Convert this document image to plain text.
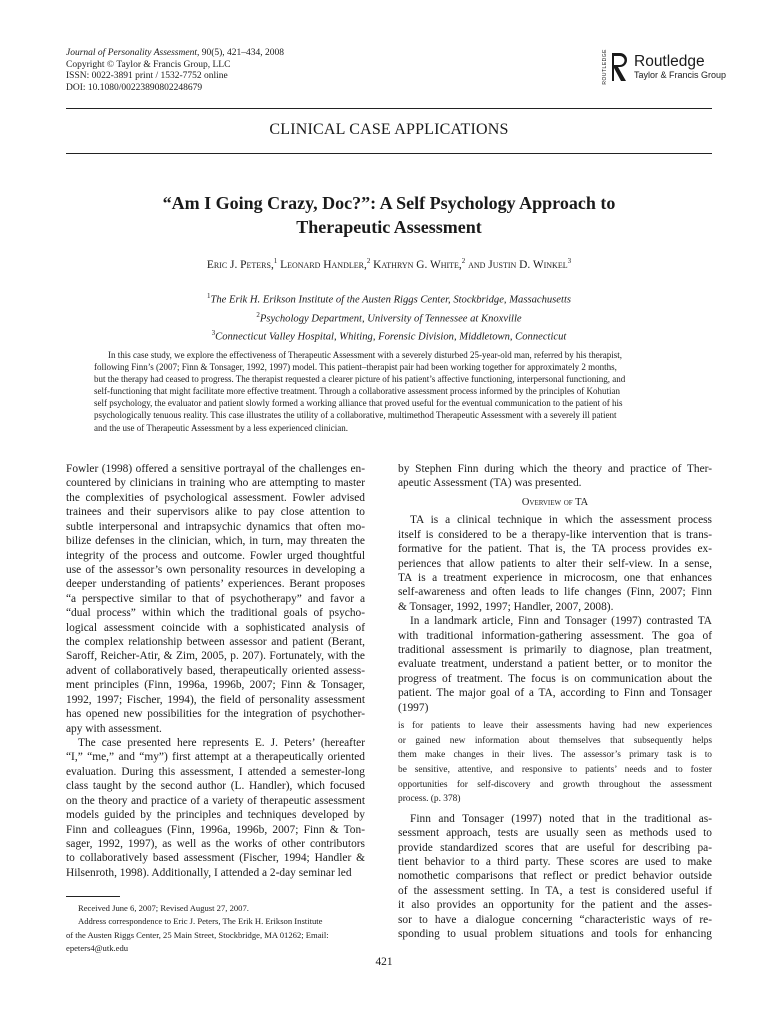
Journal of Personality Assessment, 90(5), 421–434, 2008
Copyright © Taylor & Francis Group, LLC
ISSN: 0022-3891 print / 1532-7752 online
DOI: 10.1080/00223890802248679
ROUTLEDGE Routledge
Taylor & Francis Group
CLINICAL CASE APPLICATIONS
“Am I Going Crazy, Doc?”: A Self Psychology Approach to
Therapeutic Assessment
Eric J. Peters,$^1$ Leonard Handler,$^2$ Kathryn G. White,$^2$ and Justin D. Winkel$^3$
$^1$The Erik H. Erikson Institute of the Austen Riggs Center, Stockbridge, Massachusetts
$^2$Psychology Department, University of Tennessee at Knoxville
$^3$Connecticut Valley Hospital, Whiting, Forensic Division, Middletown, Connecticut
In this case study, we explore the effectiveness of Therapeutic Assessment with a severely disturbed 25-year-old man, referred by his therapist,
following Finn’s (2007; Finn & Tonsager, 1992, 1997) model. This patient–therapist pair had been working together for approximately 2 months,
but the therapy had ceased to progress. The therapist requested a clearer picture of his patient’s affective functioning, interpersonal functioning, and
self-functioning that might facilitate more effective treatment. Through a collaborative assessment process informed by the principles of Kohutian
self psychology, the evaluator and patient slowly formed a working alliance that proved useful for the eventual communication to the patient of his
psychologically tenuous reality. This case illustrates the utility of a collaborative, multimethod Therapeutic Assessment with a severely ill patient
and the use of Therapeutic Assessment by a less experienced clinician.
Fowler (1998) offered a sensitive portrayal of the challenges en-
countered by clinicians in training who are attempting to master
the complexities of psychological assessment. Fowler advised
trainees and their supervisors alike to pay close attention to
subtle interpersonal and intrapsychic dynamics that often mo-
bilize defenses in the clinician, which, in turn, may threaten the
integrity of the process and outcome. Fowler urged thoughtful
use of the assessor’s own personality resources in developing a
deeper understanding of patients’ experiences. Berant proposes
“a perspective similar to that of psychotherapy” and favor a
“dual process” within which the traditional goals of psycho-
logical assessment coincide with a sophisticated analysis of
the complex relationship between assessor and patient (Berant,
Saroff, Reicher-Atir, & Zim, 2005, p. 207). Fortunately, with the
advent of collaboratively based, therapeutically oriented assess-
ment principles (Finn, 1996a, 1996b, 2007; Finn & Tonsager,
1992, 1997; Fischer, 1994), the field of personality assessment
has opened new possibilities for the integration of psychother-
apy with assessment.
The case presented here represents E. J. Peters’ (hereafter
“I,” “me,” and “my”) first attempt at a therapeutically oriented
evaluation. During this assessment, I attended a semester-long
class taught by the second author (L. Handler), which focused
on the theory and practice of a variety of therapeutic assessment
models guided by the principles and techniques developed by
Finn and colleagues (Finn, 1996a, 1996b, 2007; Finn & Ton-
sager, 1992, 1997), as well as the works of other contributors
to collaboratively based assessment (Fischer, 1994; Handler &
Hilsenroth, 1998). Additionally, I attended a 2-day seminar led
by Stephen Finn during which the theory and practice of Ther-
apeutic Assessment (TA) was presented.
Overview of TA
TA is a clinical technique in which the assessment process
itself is considered to be a therapy-like intervention that is trans-
formative for the patient. That is, the TA process provides ex-
periences that allow patients to alter their self-view. In a sense,
TA is a treatment experience in microcosm, one that enhances
self-awareness and often leads to life changes (Finn, 2007; Finn
& Tonsager, 1992, 1997; Handler, 2007, 2008).
In a landmark article, Finn and Tonsager (1997) contrasted TA
with traditional information-gathering assessment. The goa of
traditional assessment is primarily to diagnose, plan treatment,
evaluate treatment, understand a patient better, or to monitor the
progress of treatment. The focus is on communication about the
patient. The major goal of a TA, according to Finn and Tonsager
(1997)
is for patients to leave their assessments having had new experiences
or gained new information about themselves that subsequently helps
them make changes in their lives. The assessor’s primary task is to
be sensitive, attentive, and responsive to patients’ needs and to foster
opportunities for self-discovery and growth throughout the assessment
process. (p. 378)
Finn and Tonsager (1997) noted that in the traditional as-
sessment approach, tests are usually seen as methods used to
provide standardized scores that are useful for describing pa-
tient behavior to a third party. These scores are used to make
nomothetic comparisons that reflect or predict behavior outside
of the assessment setting. In TA, a test is considered useful if
it also provides an opportunity for the patient and the asses-
sor to have a dialogue concerning “characteristic ways of re-
sponding to usual problem situations and tools for enhancing
Received June 6, 2007; Revised August 27, 2007.
Address correspondence to Eric J. Peters, The Erik H. Erikson Institute
of the Austen Riggs Center, 25 Main Street, Stockbridge, MA 01262; Email:
epeters4@utk.edu
421
